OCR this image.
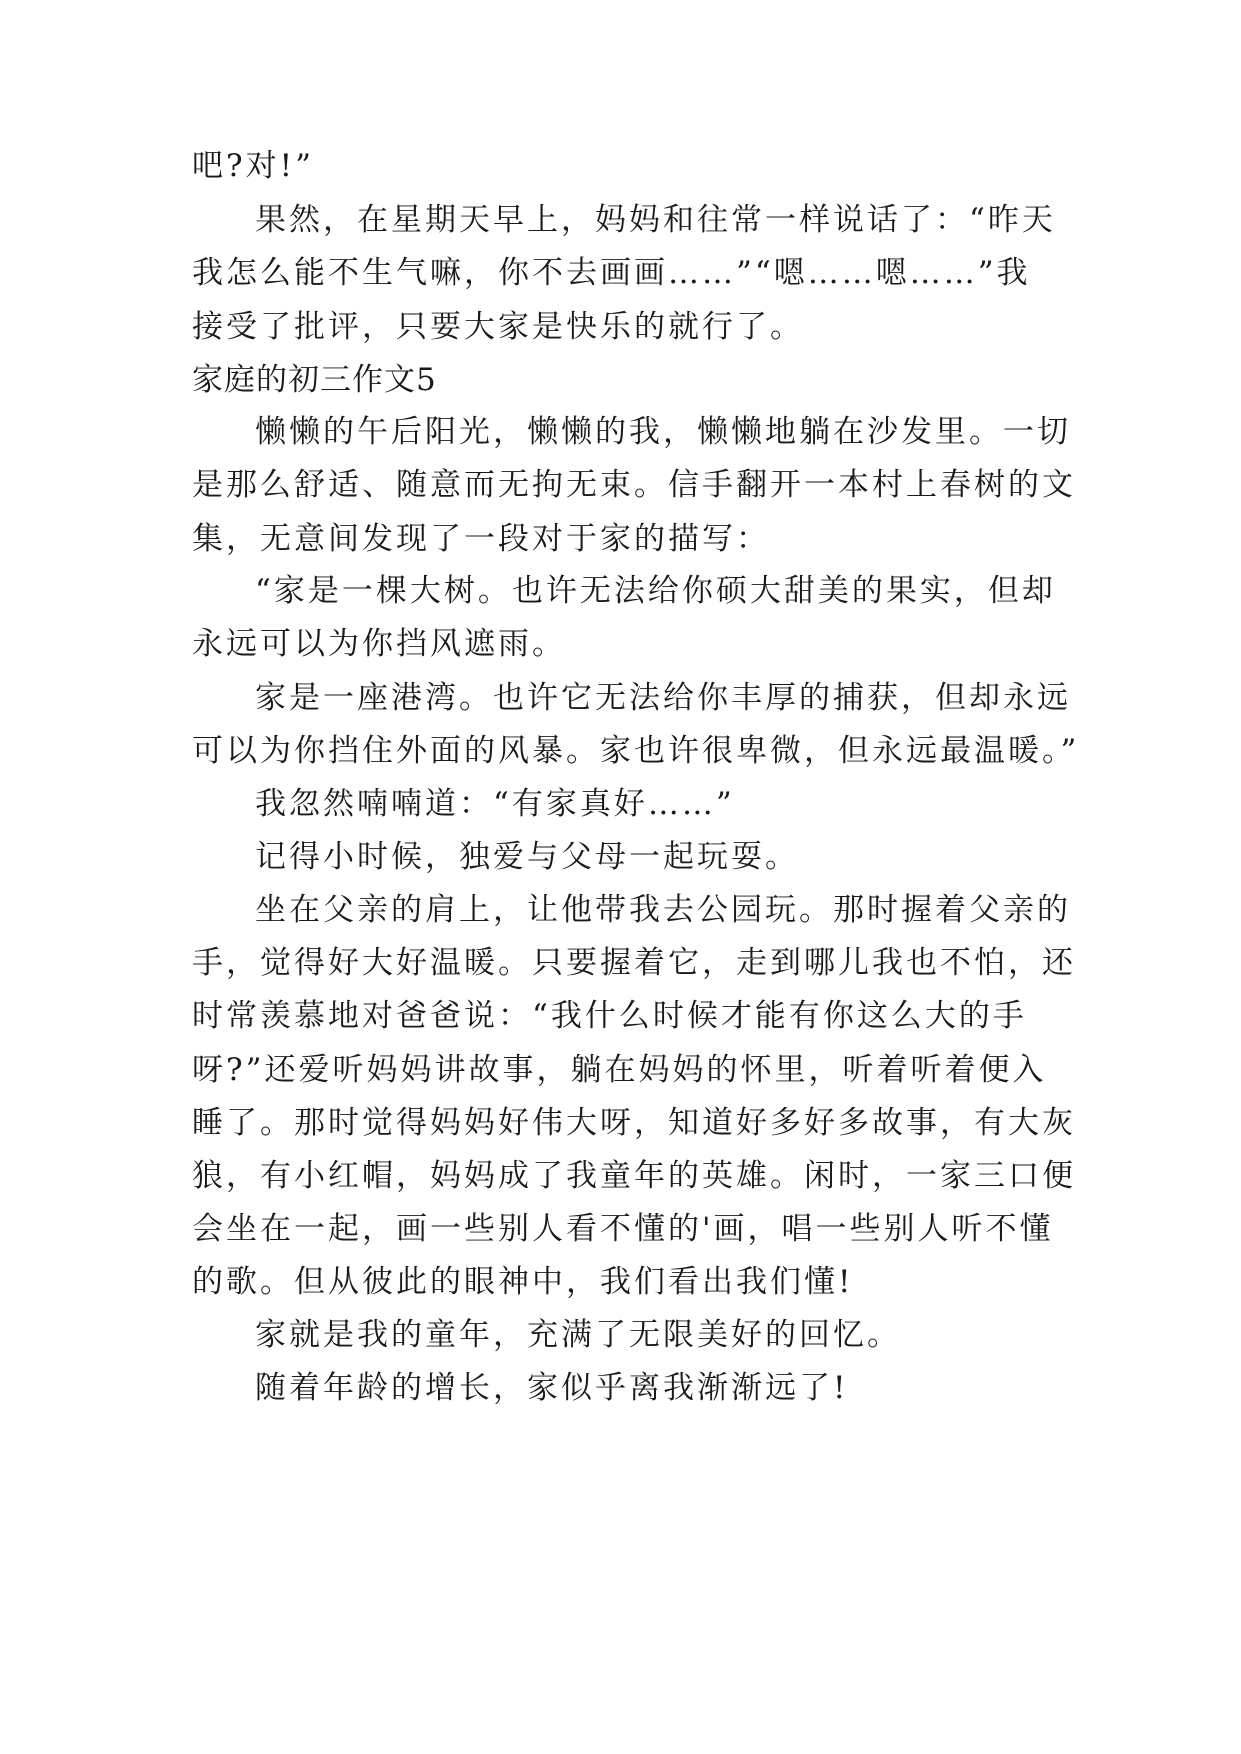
吧?对!”
果然，在星期天早上，妈妈和往常一样说话了：“昨天
我怎么能不生气嘛，你不去画画……”“嗯……嗯……”我
接受了批评，只要大家是快乐的就行了。
家庭的初三作文5
懒懒的午后阳光，懒懒的我，懒懒地躺在沙发里。一切
是那么舒适、随意而无拘无束。信手翻开一本村上春树的文
集，无意间发现了一段对于家的描写：
“家是一棵大树。也许无法给你硕大甜美的果实，但却
永远可以为你挡风遮雨。
家是一座港湾。也许它无法给你丰厚的捕获，但却永远
可以为你挡住外面的风暴。家也许很卑微，但永远最温暖。”
我忽然喃喃道：“有家真好……”
记得小时候，独爱与父母一起玩耍。
坐在父亲的肩上，让他带我去公园玩。那时握着父亲的
手，觉得好大好温暖。只要握着它，走到哪儿我也不怕，还
时常羡慕地对爸爸说：“我什么时候才能有你这么大的手
呀?”还爱听妈妈讲故事，躺在妈妈的怀里，听着听着便入
睡了。那时觉得妈妈好伟大呀，知道好多好多故事，有大灰
狼，有小红帽，妈妈成了我童年的英雄。闲时，一家三口便
会坐在一起，画一些别人看不懂的'画，唱一些别人听不懂
的歌。但从彼此的眼神中，我们看出我们懂!
家就是我的童年，充满了无限美好的回忆。
随着年龄的增长，家似乎离我渐渐远了!
